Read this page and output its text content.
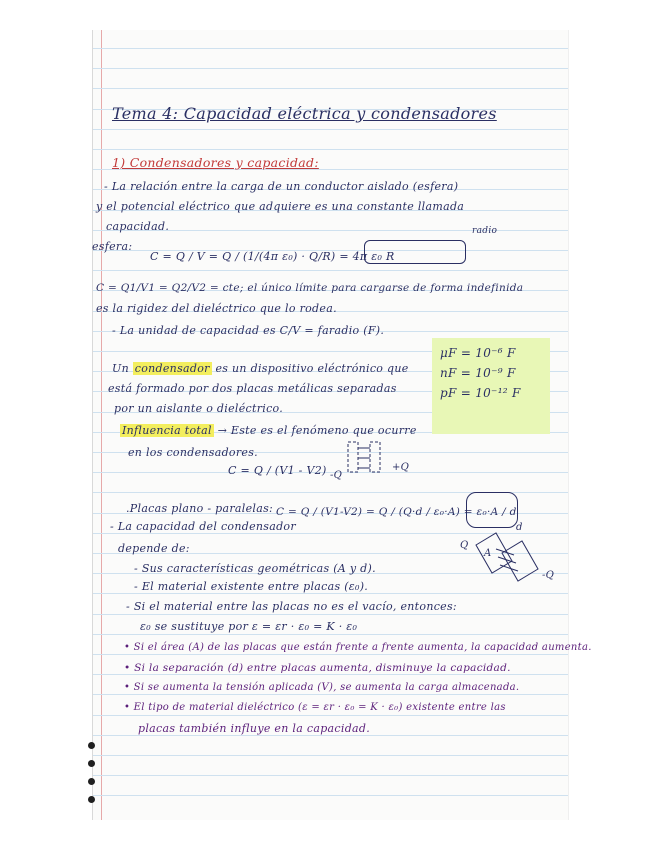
μF = 10⁻⁶ F
nF = 10⁻⁹ F
pF = 10⁻¹² F
Tema 4: Capacidad eléctrica y condensadores
1) Condensadores y capacidad:
- La relación entre la carga de un conductor aislado (esfera)
y el potencial eléctrico que adquiere es una constante llamada
capacidad.
esfera:
C = Q / V = Q / (1/(4π ε₀) · Q/R) = 4π ε₀ R
radio
C = Q1/V1 = Q2/V2 = cte; el único límite para cargarse de forma indefinida
es la rigidez del dieléctrico que lo rodea.
- La unidad de capacidad es C/V = faradio (F).
Un condensador es un dispositivo eléctrónico que
está formado por dos placas metálicas separadas
por un aislante o dieléctrico.
Influencia total → Este es el fenómeno que ocurre
en los condensadores.
C = Q / (V1 - V2) -Q
+Q
.Placas plano - paralelas: C = Q / (V1-V2) = Q / (Q·d / ε₀·A) = ε₀·A / d
- La capacidad del condensador
depende de:
- Sus características geométricas (A y d).
- El material existente entre placas (ε₀).
Q
A
d
-Q
- Si el material entre las placas no es el vacío, entonces:
ε₀ se sustituye por ε = εr · ε₀ = K · ε₀
• Si el área (A) de las placas que están frente a frente aumenta, la capacidad aumenta.
• Si la separación (d) entre placas aumenta, disminuye la capacidad.
• Si se aumenta la tensión aplicada (V), se aumenta la carga almacenada.
• El tipo de material dieléctrico (ε = εr · ε₀ = K · ε₀) existente entre las
placas también influye en la capacidad.
